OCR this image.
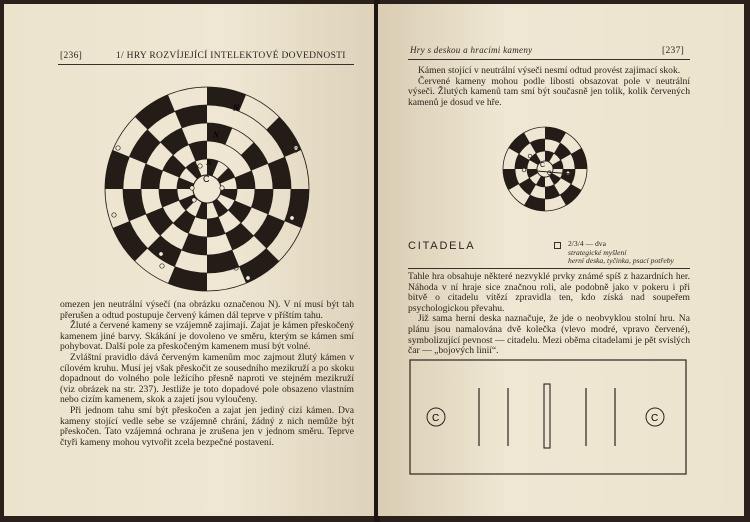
[236]	1/ HRY ROZVÍJEJÍCÍ INTELEKTOVÉ DOVEDNOSTI
N
N
N
C

omezen jen neutrální výsečí (na obrázku označenou N). V ní musí být tah přerušen a odtud postupuje červený kámen dál teprve v příštím tahu.

Žluté a červené kameny se vzájemně zajímají. Zajat je kámen přeskočený kamenem jiné barvy. Skákání je dovoleno ve směru, kterým se kámen smí pohybovat. Další pole za přeskočeným kamenem musí být volné.

Zvláštní pravidlo dává červeným kamenům moc zajmout žlutý kámen v cílovém kruhu. Musí jej však přeskočit ze sousedního mezikruží a po skoku dopadnout do volného pole ležícího přesně naproti ve stejném mezikruží (viz obrázek na str. 237). Jestliže je toto dopadové pole obsazeno vlastním nebo cizím kamenem, skok a zajetí jsou vyloučeny.

Při jednom tahu smí být přeskočen a zajat jen jediný cizí kámen. Dva kameny stojící vedle sebe se vzájemně chrání, žádný z nich nemůže být přeskočen. Tato vzájemná ochrana je zrušena jen v jednom směru. Teprve čtyři kameny mohou vytvořit zcela bezpečné postavení.

Hry s deskou a hracími kameny	[237]

Kámen stojící v neutrální výseči nesmí odtud provést zajímací skok.

Červené kameny mohou podle libosti obsazovat pole v neutrální výseči. Žlutých kamenů tam smí být současně jen tolik, kolik červených kamenů je dosud ve hře.

C
G
CITADELA	2/3/4 — dva
strategické myšlení
herní deska, tyčinka, psací potřeby

Tahle hra obsahuje některé nezvyklé prvky známé spíš z hazardních her. Náhoda v ní hraje sice značnou roli, ale podobně jako v pokeru i při bitvě o citadelu vítězí zpravidla ten, kdo získá nad soupeřem psychologickou převahu.

Již sama herní deska naznačuje, že jde o neobvyklou stolní hru. Na plánu jsou namalována dvě kolečka (vlevo modré, vpravo červené), symbolizující pevnost — citadelu. Mezi oběma citadelami je pět svislých čar — „bojových linií“.

C	C
